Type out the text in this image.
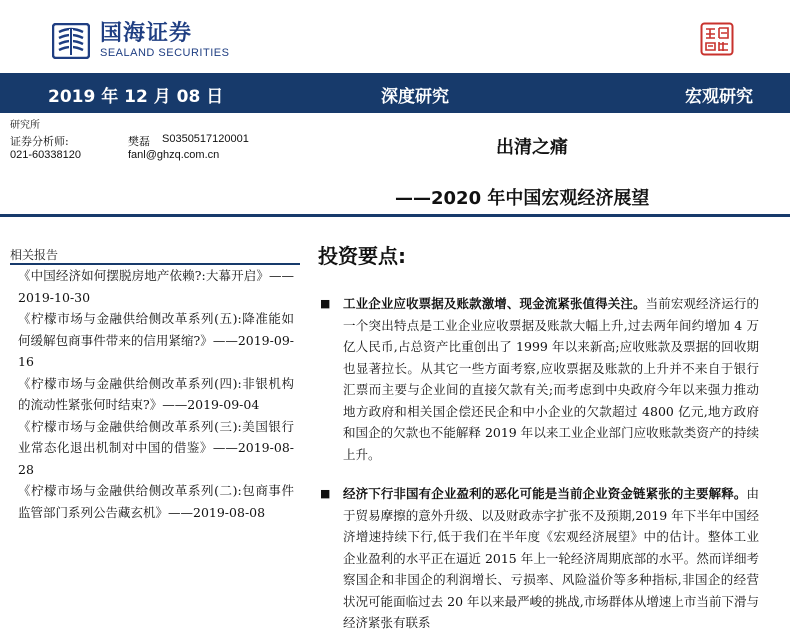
国海证券
SEALAND SECURITIES
2019 年 12 月 08 日	深度研究	宏观研究
研究所
证券分析师:	樊磊 S0350517120001
021-60338120	fanl@ghzq.com.cn	出清之痛
——2020 年中国宏观经济展望
相关报告
《中国经济如何摆脱房地产依赖?:大幕开启》——2019-10-30
《柠檬市场与金融供给侧改革系列(五):降准能如何缓解包商事件带来的信用紧缩?》——2019-09-16
《柠檬市场与金融供给侧改革系列(四):非银机构的流动性紧张何时结束?》——2019-09-04
《柠檬市场与金融供给侧改革系列(三):美国银行业常态化退出机制对中国的借鉴》——2019-08-28
《柠檬市场与金融供给侧改革系列(二):包商事件监管部门系列公告藏玄机》——2019-08-08
投资要点:
■ 工业企业应收票据及账款激增、现金流紧张值得关注。当前宏观经济运行的一个突出特点是工业企业应收票据及账款大幅上升,过去两年间约增加 4 万亿人民币,占总资产比重创出了 1999 年以来新高;应收账款及票据的回收期也显著拉长。从其它一些方面考察,应收票据及账款的上升并不来自于银行汇票而主要与企业间的直接欠款有关;而考虑到中央政府今年以来强力推动地方政府和相关国企偿还民企和中小企业的欠款超过 4800 亿元,地方政府和国企的欠款也不能解释 2019 年以来工业企业部门应收账款类资产的持续上升。
■ 经济下行非国有企业盈利的恶化可能是当前企业资金链紧张的主要解释。由于贸易摩擦的意外升级、以及财政赤字扩张不及预期,2019 年下半年中国经济增速持续下行,低于我们在半年度《宏观经济展望》中的估计。整体工业企业盈利的水平正在逼近 2015 年上一轮经济周期底部的水平。然而详细考察国企和非国企的利润增长、亏损率、风险溢价等多种指标,非国企的经营状况可能面临过去 20 年以来最严峻的挑战,市场群体从增速上市当前下滑与经济紧张有联系
